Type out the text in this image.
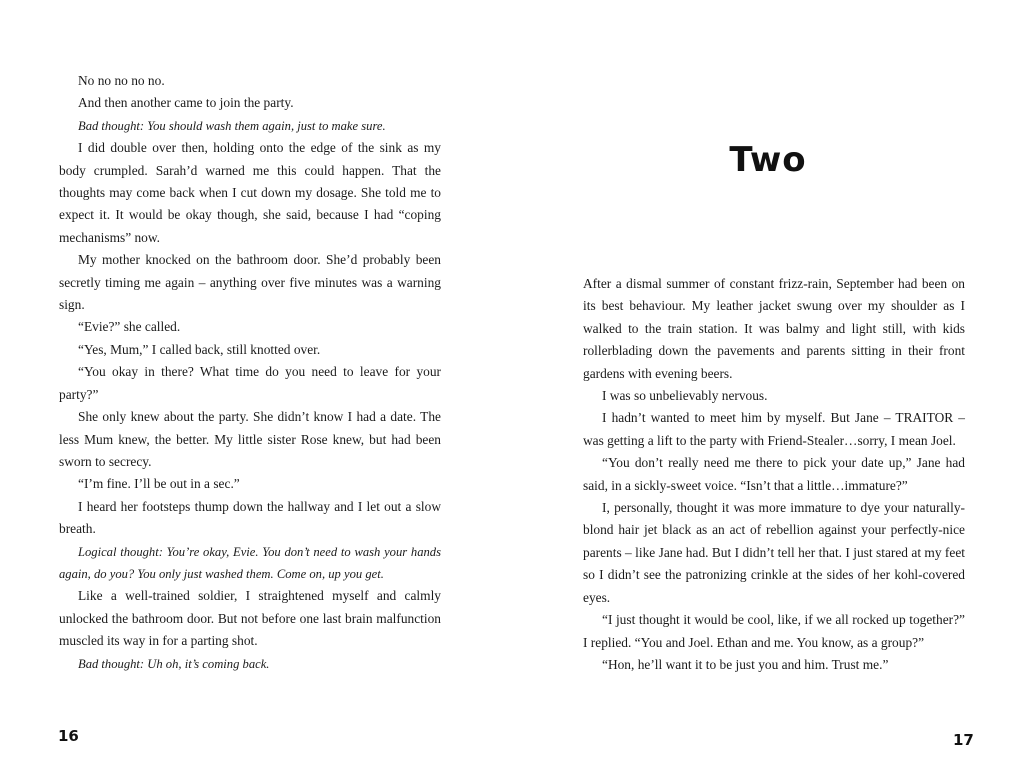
No no no no no.

And then another came to join the party.

Bad thought: You should wash them again, just to make sure.

I did double over then, holding onto the edge of the sink as my body crumpled. Sarah’d warned me this could happen. That the thoughts may come back when I cut down my dosage. She told me to expect it. It would be okay though, she said, because I had “coping mechanisms” now.

My mother knocked on the bathroom door. She’d probably been secretly timing me again – anything over five minutes was a warning sign.

“Evie?” she called.

“Yes, Mum,” I called back, still knotted over.

“You okay in there? What time do you need to leave for your party?”

She only knew about the party. She didn’t know I had a date. The less Mum knew, the better. My little sister Rose knew, but had been sworn to secrecy.

“I’m fine. I’ll be out in a sec.”

I heard her footsteps thump down the hallway and I let out a slow breath.

Logical thought: You’re okay, Evie. You don’t need to wash your hands again, do you? You only just washed them. Come on, up you get.

Like a well-trained soldier, I straightened myself and calmly unlocked the bathroom door. But not before one last brain malfunction muscled its way in for a parting shot.

Bad thought: Uh oh, it’s coming back.

16
Two

After a dismal summer of constant frizz-rain, September had been on its best behaviour. My leather jacket swung over my shoulder as I walked to the train station. It was balmy and light still, with kids rollerblading down the pavements and parents sitting in their front gardens with evening beers.

I was so unbelievably nervous.

I hadn’t wanted to meet him by myself. But Jane – TRAITOR – was getting a lift to the party with Friend-Stealer…sorry, I mean Joel.

“You don’t really need me there to pick your date up,” Jane had said, in a sickly-sweet voice. “Isn’t that a little…immature?”

I, personally, thought it was more immature to dye your naturally-blond hair jet black as an act of rebellion against your perfectly-nice parents – like Jane had. But I didn’t tell her that. I just stared at my feet so I didn’t see the patronizing crinkle at the sides of her kohl-covered eyes.

“I just thought it would be cool, like, if we all rocked up together?” I replied. “You and Joel. Ethan and me. You know, as a group?”

“Hon, he’ll want it to be just you and him. Trust me.”

17
